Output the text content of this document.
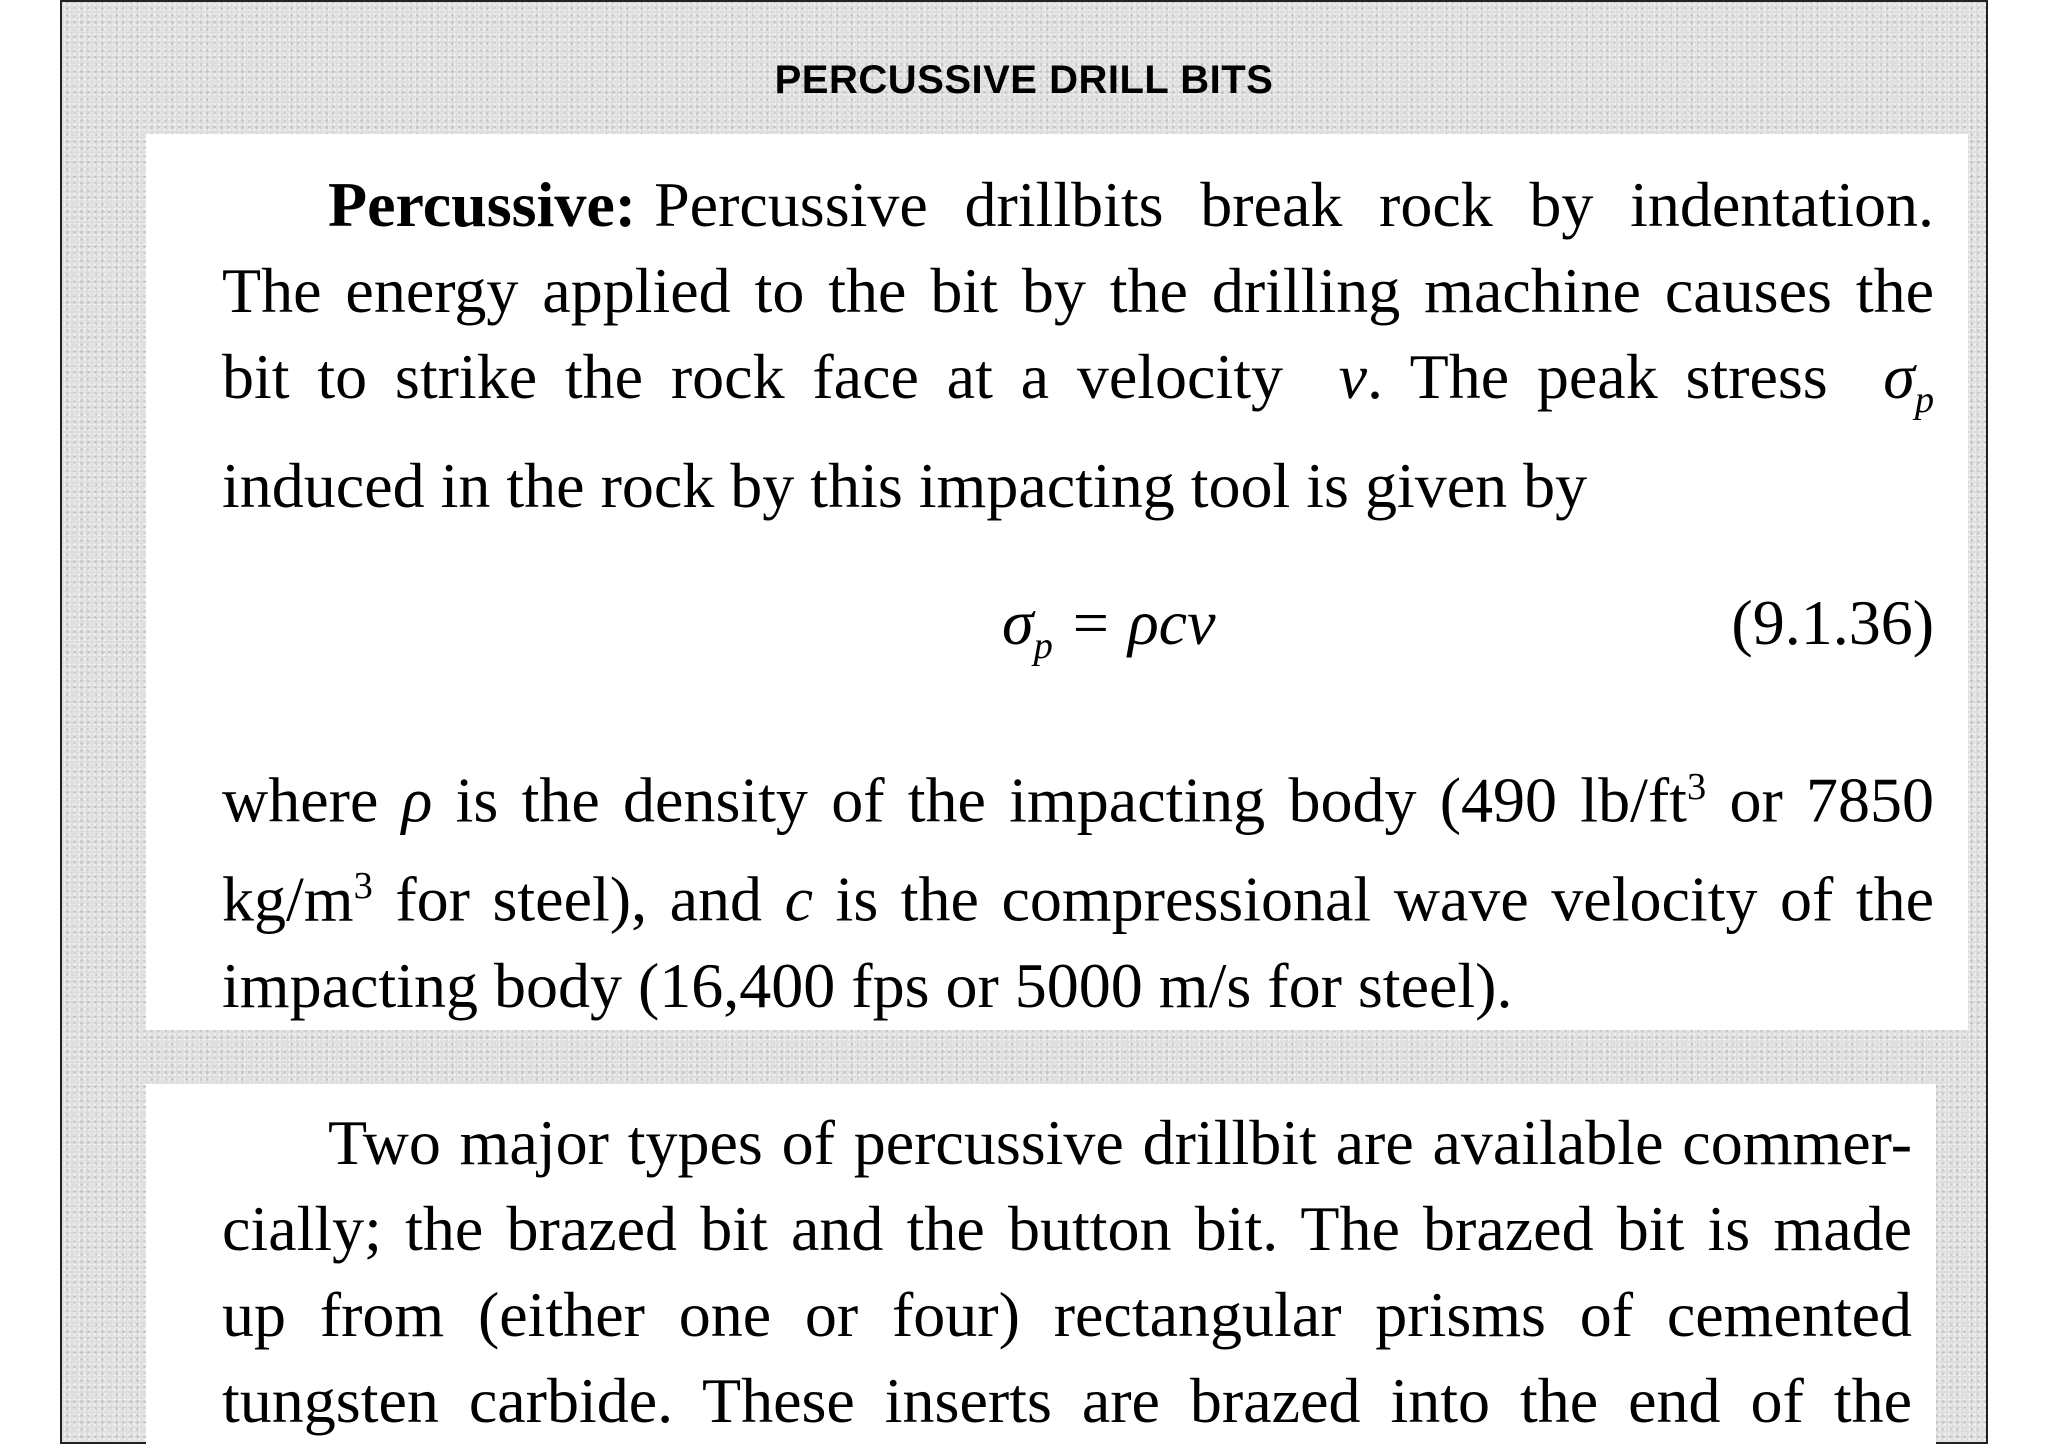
PERCUSSIVE DRILL BITS
Percussive: Percussive drillbits break rock by indentation.
The energy applied to the bit by the drilling machine causes the
bit to strike the rock face at a velocity v. The peak stress $\sigma_p$
induced in the rock by this impacting tool is given by
$\sigma_p = \rho cv$	(9.1.36)
where ρ is the density of the impacting body (490 $lb/ft^3$ or 7850
$kg/m^3$ for steel), and c is the compressional wave velocity of the
impacting body (16,400 fps or 5000 m/s for steel).
Two major types of percussive drillbit are available commer-
cially; the brazed bit and the button bit. The brazed bit is made
up from (either one or four) rectangular prisms of cemented
tungsten carbide. These inserts are brazed into the end of the
